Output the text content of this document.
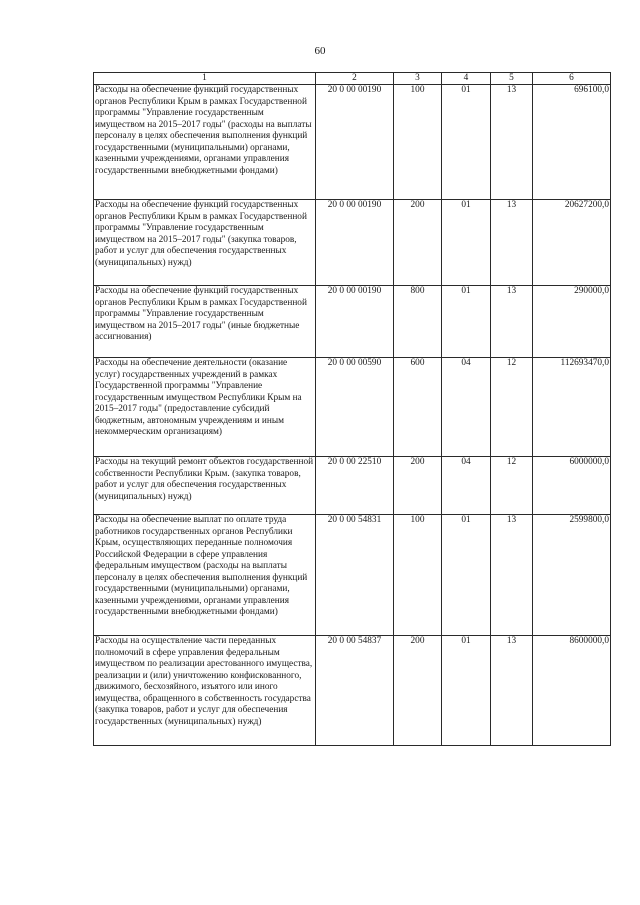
60
1	2	3	4	5	6
Расходы на обеспечение функций государственных органов Республики Крым в рамках Государственной программы "Управление государственным имуществом на 2015–2017 годы" (расходы на выплаты персоналу в целях обеспечения выполнения функций государственными (муниципальными) органами, казенными учреждениями, органами управления государственными внебюджетными фондами)	20 0 00 00190	100	01	13	696100,0
Расходы на обеспечение функций государственных органов Республики Крым в рамках Государственной программы "Управление государственным имуществом на 2015–2017 годы" (закупка товаров, работ и услуг для обеспечения государственных (муниципальных) нужд)	20 0 00 00190	200	01	13	20627200,0
Расходы на обеспечение функций государственных органов Республики Крым в рамках Государственной программы "Управление государственным имуществом на 2015–2017 годы" (иные бюджетные ассигнования)	20 0 00 00190	800	01	13	290000,0
Расходы на обеспечение деятельности (оказание услуг) государственных учреждений в рамках Государственной программы "Управление государственным имуществом Республики Крым на 2015–2017 годы" (предоставление субсидий бюджетным, автономным учреждениям и иным некоммерческим организациям)	20 0 00 00590	600	04	12	112693470,0
Расходы на текущий ремонт объектов государственной собственности Республики Крым. (закупка товаров, работ и услуг для обеспечения государственных (муниципальных) нужд)	20 0 00 22510	200	04	12	6000000,0
Расходы на обеспечение выплат по оплате труда работников государственных органов Республики Крым, осуществляющих переданные полномочия Российской Федерации в сфере управления федеральным имуществом (расходы на выплаты персоналу в целях обеспечения выполнения функций государственными (муниципальными) органами, казенными учреждениями, органами управления государственными внебюджетными фондами)	20 0 00 54831	100	01	13	2599800,0
Расходы на осуществление части переданных полномочий в сфере управления федеральным имуществом по реализации арестованного имущества, реализации и (или) уничтожению конфискованного, движимого, бесхозяйного, изъятого или иного имущества, обращенного в собственность государства (закупка товаров, работ и услуг для обеспечения государственных (муниципальных) нужд)	20 0 00 54837	200	01	13	8600000,0
